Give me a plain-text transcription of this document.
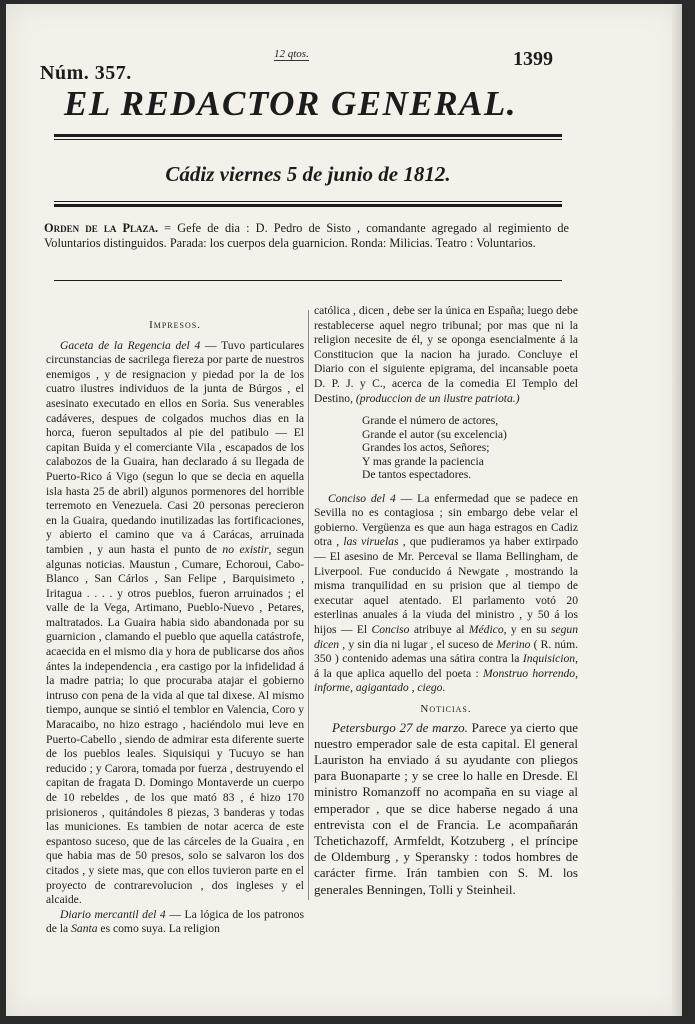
Núm. 357.
12 qtos.	1399
EL REDACTOR GENERAL.
Cádiz viernes 5 de junio de 1812.
Orden de la Plaza. = Gefe de dia : D. Pedro de Sisto , comandante agregado al regimiento de Voluntarios distinguidos. Parada: los cuerpos dela guarnicion. Ronda: Milicias. Teatro : Voluntarios.

Impresos.

Gaceta de la Regencia del 4 — Tuvo particulares circunstancias de sacrilega fiereza por parte de nuestros enemigos , y de resignacion y piedad por la de los cuatro ilustres individuos de la junta de Búrgos , el asesinato executado en ellos en Soria. Sus venerables cadáveres, despues de colgados muchos dias en la horca, fueron sepultados al pie del patibulo — El capitan Buida y el comerciante Vila , escapados de los calabozos de la Guaira, han declarado á su llegada de Puerto-Rico á Vigo (segun lo que se decia en aquella isla hasta 25 de abril) algunos pormenores del horrible terremoto en Venezuela. Casi 20 personas perecieron en la Guaira, quedando inutilizadas las fortificaciones, y abierto el camino que va á Carácas, arruinada tambien , y aun hasta el punto de no existir, segun algunas noticias. Maustun , Cumare, Echoroui, Cabo-Blanco , San Cárlos , San Felipe , Barquisimeto , Iritagua . . . . y otros pueblos, fueron arruinados ; el valle de la Vega, Artimano, Pueblo-Nuevo , Petares, maltratados. La Guaira habia sido abandonada por su guarnicion , clamando el pueblo que aquella catástrofe, acaecida en el mismo dia y hora de publicarse dos años ántes la independencia , era castigo por la infidelidad á la madre patria; lo que procuraba atajar el gobierno intruso con pena de la vida al que tal dixese. Al mismo tiempo, aunque se sintió el temblor en Valencia, Coro y Maracaibo, no hizo estrago , haciéndolo mui leve en Puerto-Cabello , siendo de admirar esta diferente suerte de los pueblos leales. Siquisiqui y Tucuyo se han reducido ; y Carora, tomada por fuerza , destruyendo el capitan de fragata D. Domingo Montaverde un cuerpo de 10 rebeldes , de los que mató 83 , é hizo 170 prisioneros , quitándoles 8 piezas, 3 banderas y todas las municiones. Es tambien de notar acerca de este espantoso suceso, que de las cárceles de la Guaira , en que habia mas de 50 presos, solo se salvaron los dos citados , y siete mas, que con ellos tuvieron parte en el proyecto de contrarevolucion , dos ingleses y el alcaide.

Diario mercantil del 4 — La lógica de los patronos de la Santa es como suya. La religion

católica , dicen , debe ser la única en España; luego debe restablecerse aquel negro tribunal; por mas que ni la religion necesite de él, y se oponga esencialmente á la Constitucion que la nacion ha jurado. Concluye el Diario con el siguiente epigrama, del incansable poeta D. P. J. y C., acerca de la comedia El Templo del Destino, (produccion de un ilustre patriota.)

Grande el número de actores,
Grande el autor (su excelencia)
Grandes los actos, Señores;
Y mas grande la paciencia
De tantos espectadores.

Conciso del 4 — La enfermedad que se padece en Sevilla no es contagiosa ; sin embargo debe velar el gobierno. Vergüenza es que aun haga estragos en Cadiz otra , las viruelas , que pudieramos ya haber extirpado — El asesino de Mr. Perceval se llama Bellingham, de Liverpool. Fue conducido á Newgate , mostrando la misma tranquilidad en su prision que al tiempo de executar aquel atentado. El parlamento votó 20 esterlinas anuales á la viuda del ministro , y 50 á los hijos — El Conciso atribuye al Médico, y en su segun dicen , y sin dia ni lugar , el suceso de Merino ( R. núm. 350 ) contenido ademas una sátira contra la Inquisicion, á la que aplica aquello del poeta : Monstruo horrendo, informe, agigantado , ciego.

Noticias.

Petersburgo 27 de marzo. Parece ya cierto que nuestro emperador sale de esta capital. El general Lauriston ha enviado á su ayudante con pliegos para Buonaparte ; y se cree lo halle en Dresde. El ministro Romanzoff no acompaña en su viage al emperador , que se dice haberse negado á una entrevista con el de Francia. Le acompañarán Tchetichazoff, Armfeldt, Kotzuberg , el príncipe de Oldemburg , y Speransky : todos hombres de carácter firme. Irán tambien con S. M. los generales Benningen, Tolli y Steinheil.
